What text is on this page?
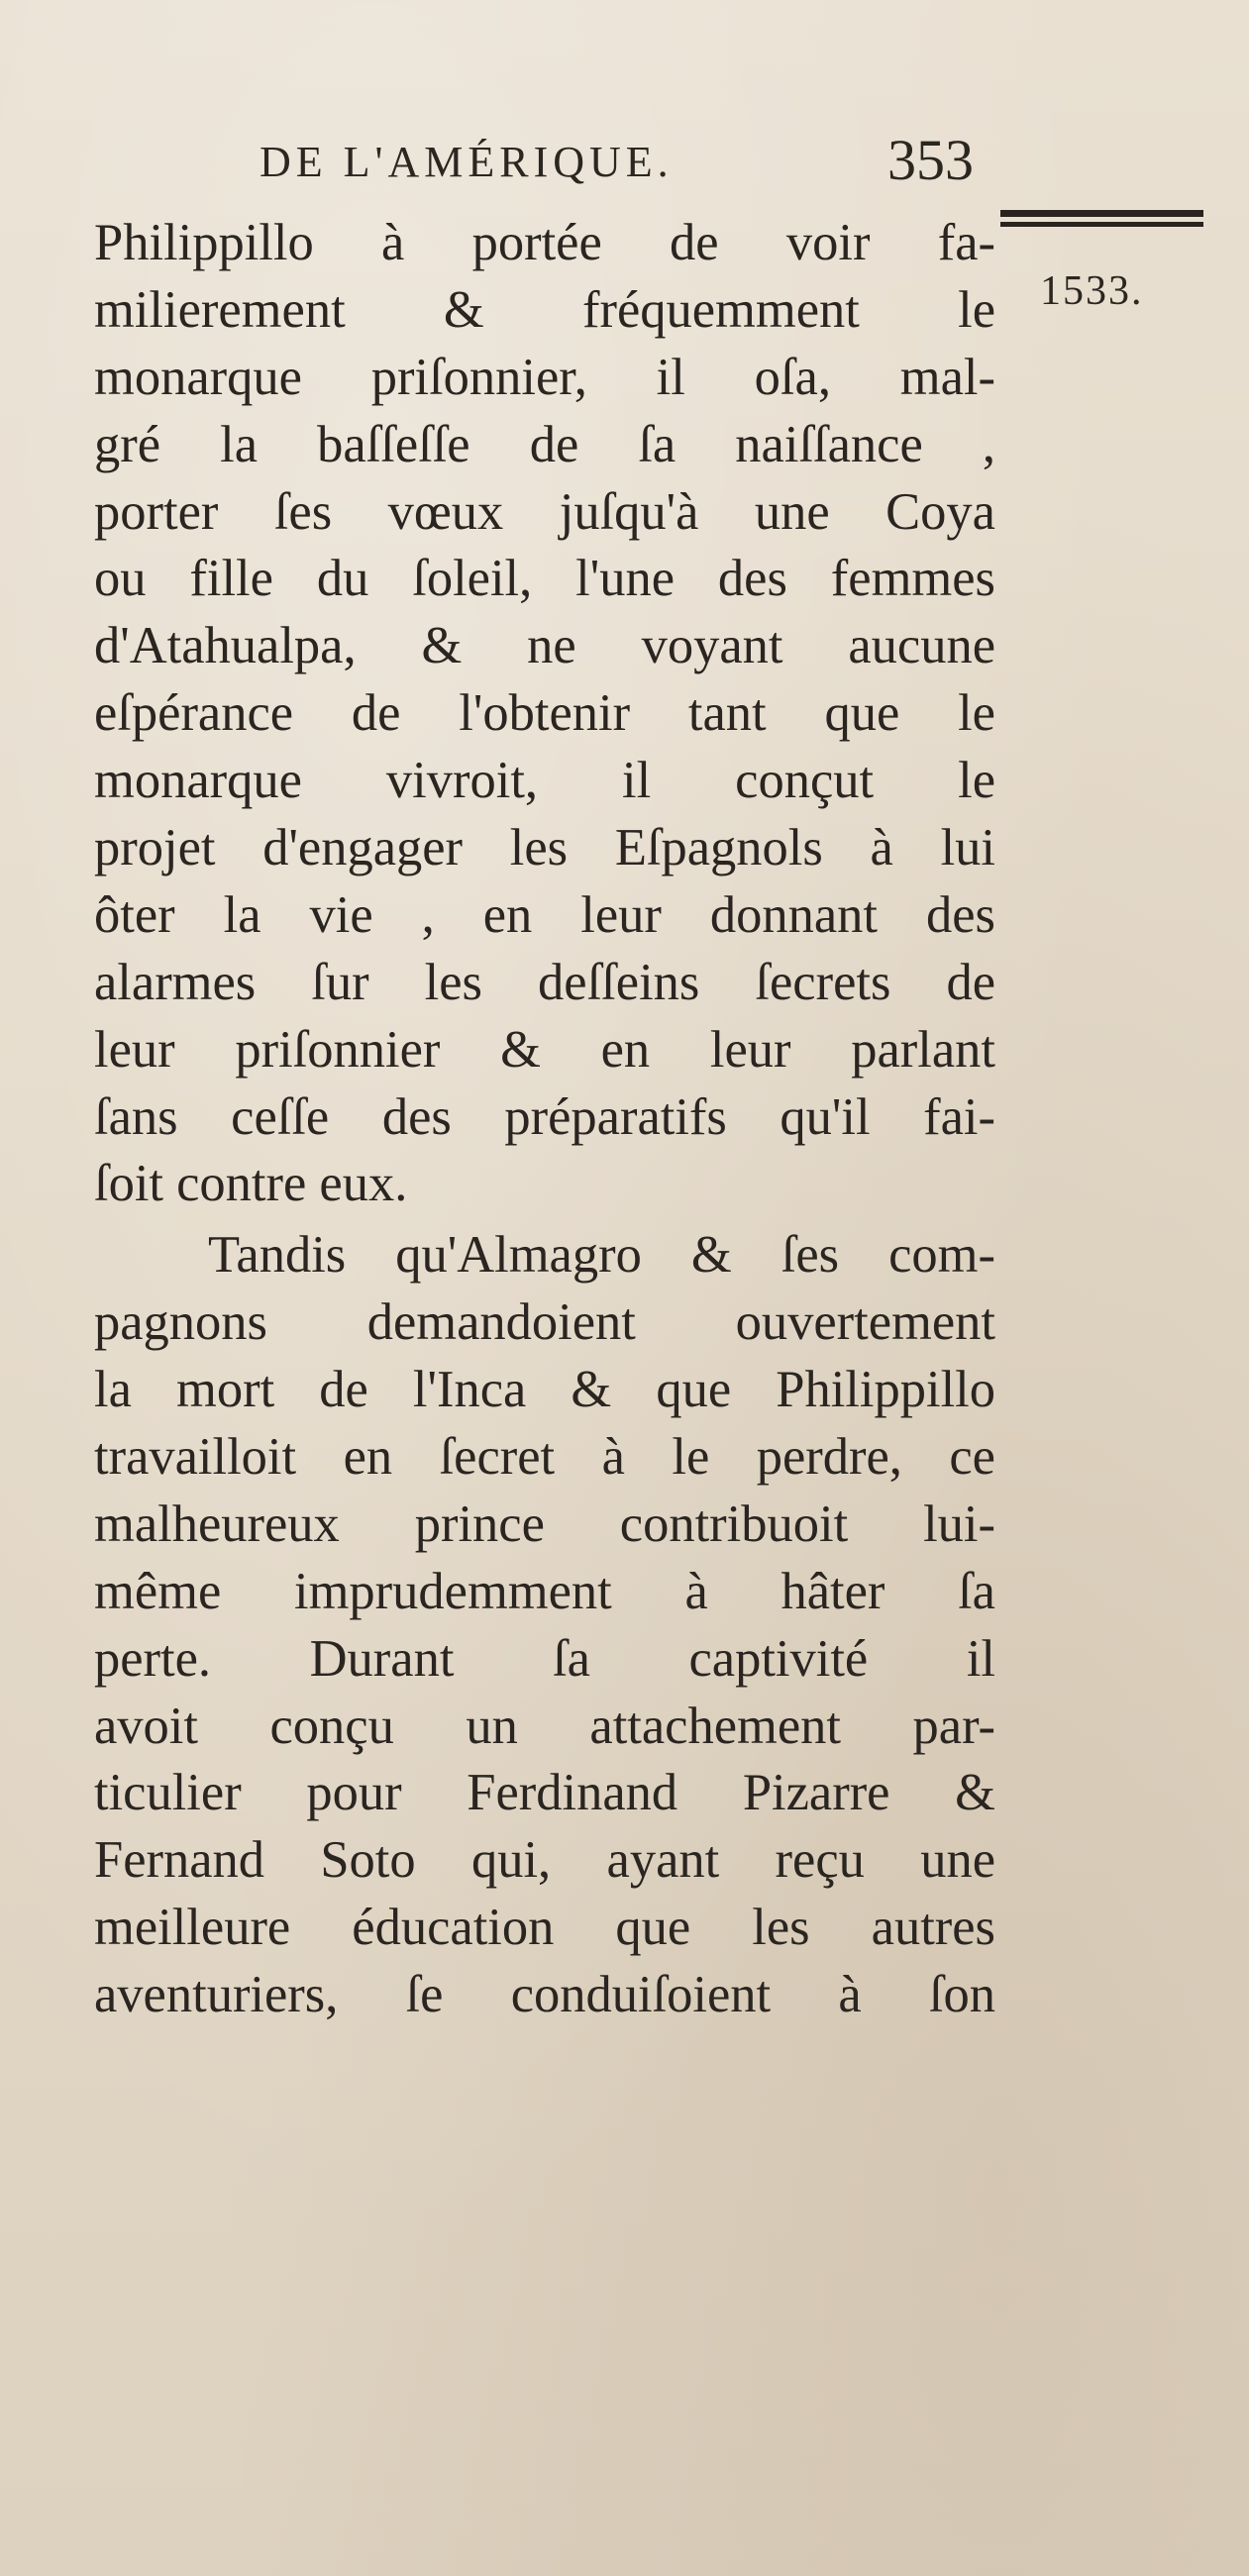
DE L'AMÉRIQUE.	353
1533.
Philippillo à portée de voir fa-
milierement & fréquemment le
monarque priſonnier, il oſa, mal-
gré la baſſeſſe de ſa naiſſance ,
porter ſes vœux juſqu'à une Coya
ou fille du ſoleil, l'une des femmes
d'Atahualpa, & ne voyant aucune
eſpérance de l'obtenir tant que le
monarque vivroit, il conçut le
projet d'engager les Eſpagnols à lui
ôter la vie , en leur donnant des
alarmes ſur les deſſeins ſecrets de
leur priſonnier & en leur parlant
ſans ceſſe des préparatifs qu'il fai-
ſoit contre eux.
Tandis qu'Almagro & ſes com-
pagnons demandoient ouvertement
la mort de l'Inca & que Philippillo
travailloit en ſecret à le perdre, ce
malheureux prince contribuoit lui-
même imprudemment à hâter ſa
perte. Durant ſa captivité il
avoit conçu un attachement par-
ticulier pour Ferdinand Pizarre &
Fernand Soto qui, ayant reçu une
meilleure éducation que les autres
aventuriers, ſe conduiſoient à ſon
